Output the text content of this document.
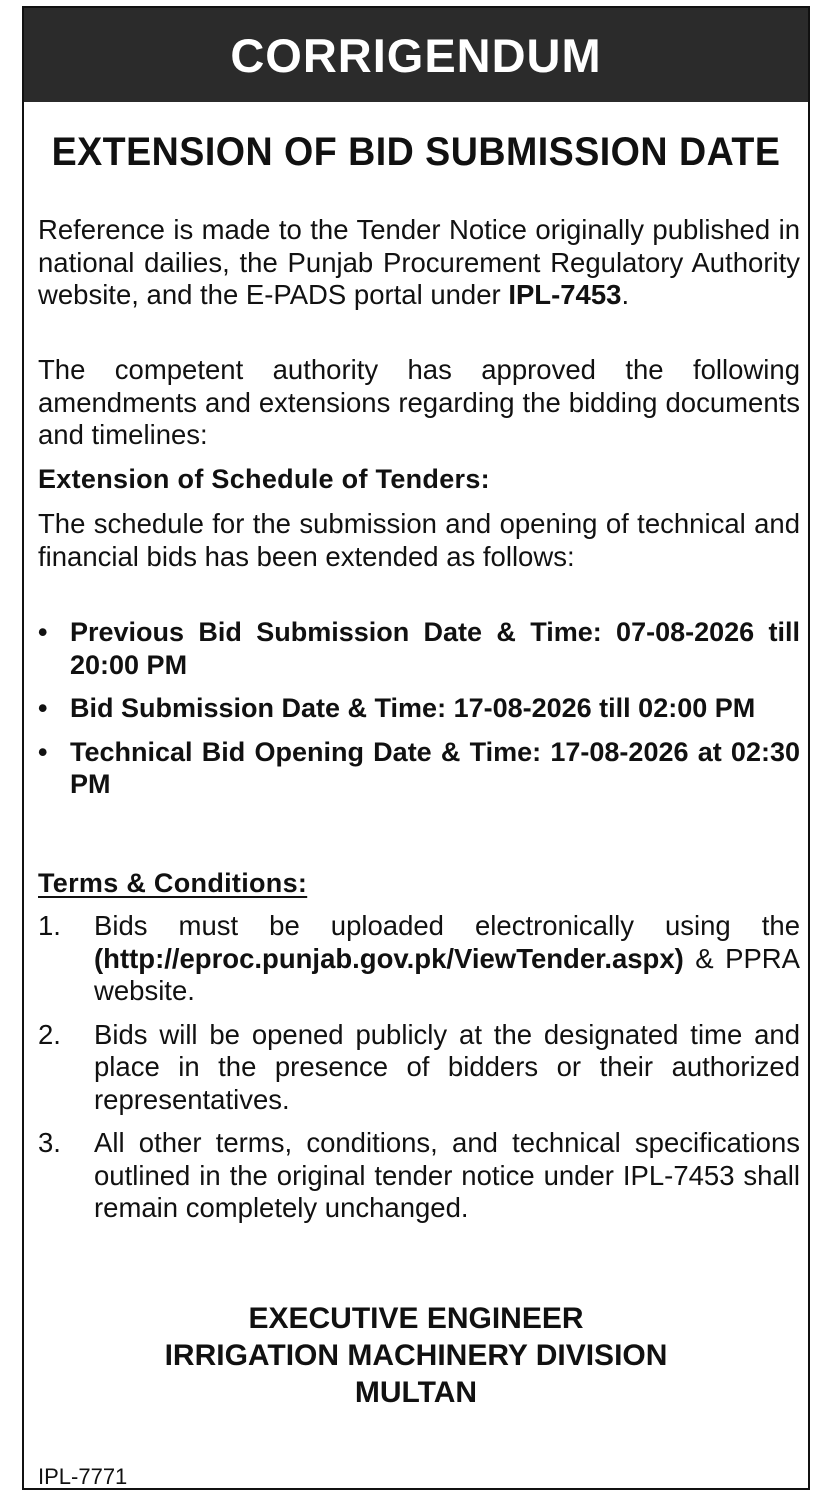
CORRIGENDUM
EXTENSION OF BID SUBMISSION DATE
Reference is made to the Tender Notice originally published in national dailies, the Punjab Procurement Regulatory Authority website, and the E-PADS portal under IPL-7453.
The competent authority has approved the following amendments and extensions regarding the bidding documents and timelines:
Extension of Schedule of Tenders:
The schedule for the submission and opening of technical and financial bids has been extended as follows:
• Previous Bid Submission Date & Time: 07-08-2026 till 20:00 PM
• Bid Submission Date & Time: 17-08-2026 till 02:00 PM
• Technical Bid Opening Date & Time: 17-08-2026 at 02:30 PM
Terms & Conditions:
1. Bids must be uploaded electronically using the (http://eproc.punjab.gov.pk/ViewTender.aspx) & PPRA website.
2. Bids will be opened publicly at the designated time and place in the presence of bidders or their authorized representatives.
3. All other terms, conditions, and technical specifications outlined in the original tender notice under IPL-7453 shall remain completely unchanged.
EXECUTIVE ENGINEER
IRRIGATION MACHINERY DIVISION
MULTAN
IPL-7771
